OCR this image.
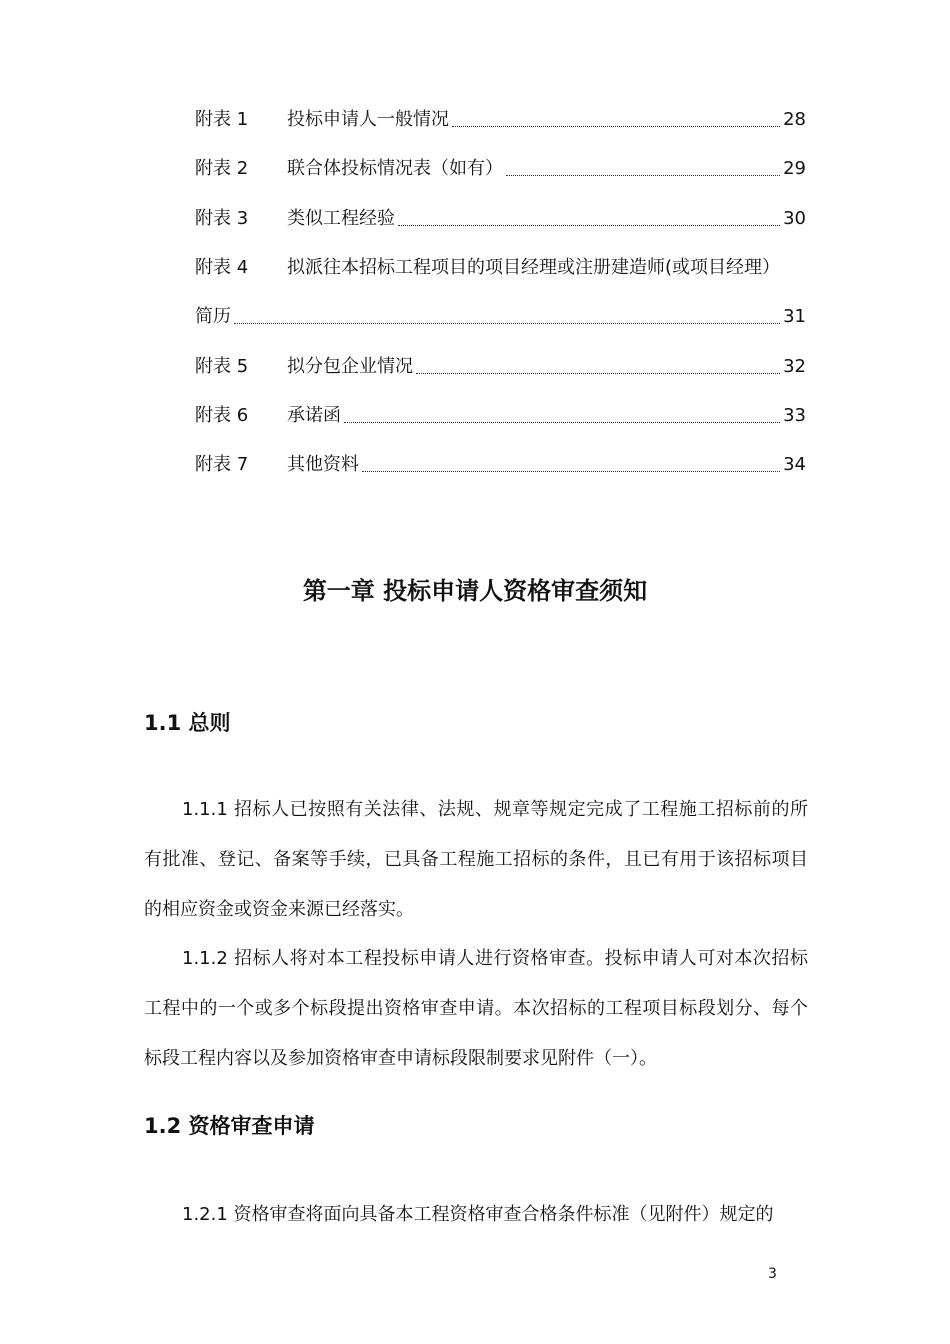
附表 1	投标申请人一般情况	28
附表 2	联合体投标情况表（如有）	29
附表 3	类似工程经验	30
附表 4 拟派往本招标工程项目的项目经理或注册建造师(或项目经理）
简历	31
附表 5	拟分包企业情况	32
附表 6	承诺函	33
附表 7	其他资料	34
第一章 投标申请人资格审查须知
1.1 总则
1.1.1 招标人已按照有关法律、法规、规章等规定完成了工程施工招标前的所有批准、登记、备案等手续，已具备工程施工招标的条件，且已有用于该招标项目的相应资金或资金来源已经落实。
1.1.2 招标人将对本工程投标申请人进行资格审查。投标申请人可对本次招标工程中的一个或多个标段提出资格审查申请。本次招标的工程项目标段划分、每个标段工程内容以及参加资格审查申请标段限制要求见附件（一）。
1.2 资格审查申请
1.2.1 资格审查将面向具备本工程资格审查合格条件标准（见附件）规定的
3
